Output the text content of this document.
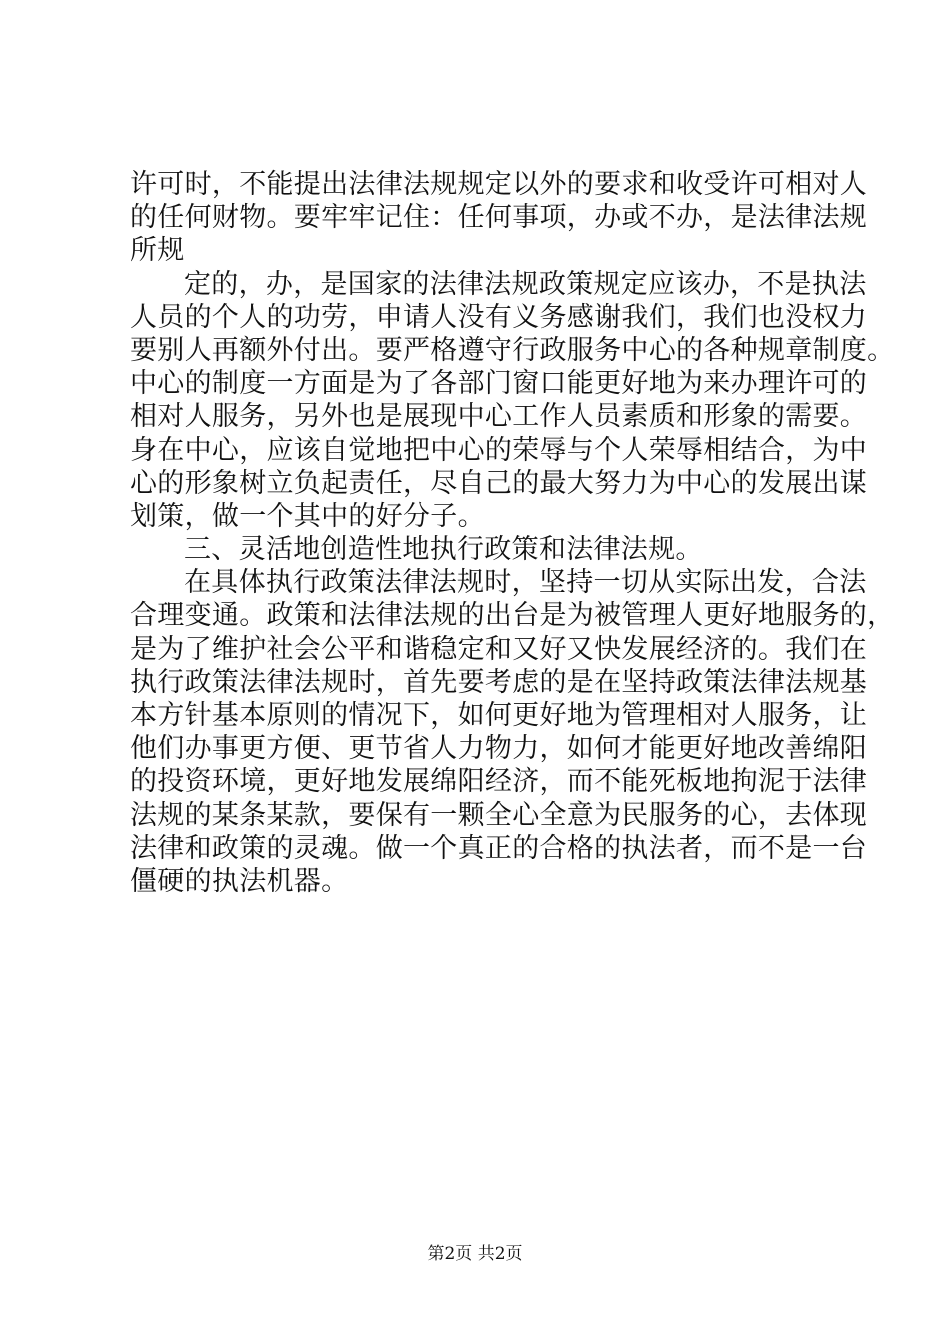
许可时，不能提出法律法规规定以外的要求和收受许可相对人
的任何财物。要牢牢记住：任何事项，办或不办，是法律法规
所规
定的，办，是国家的法律法规政策规定应该办，不是执法
人员的个人的功劳，申请人没有义务感谢我们，我们也没权力
要别人再额外付出。要严格遵守行政服务中心的各种规章制度。
中心的制度一方面是为了各部门窗口能更好地为来办理许可的
相对人服务，另外也是展现中心工作人员素质和形象的需要。
身在中心，应该自觉地把中心的荣辱与个人荣辱相结合，为中
心的形象树立负起责任，尽自己的最大努力为中心的发展出谋
划策，做一个其中的好分子。
三、灵活地创造性地执行政策和法律法规。
在具体执行政策法律法规时，坚持一切从实际出发，合法
合理变通。政策和法律法规的出台是为被管理人更好地服务的，
是为了维护社会公平和谐稳定和又好又快发展经济的。我们在
执行政策法律法规时，首先要考虑的是在坚持政策法律法规基
本方针基本原则的情况下，如何更好地为管理相对人服务，让
他们办事更方便、更节省人力物力，如何才能更好地改善绵阳
的投资环境，更好地发展绵阳经济，而不能死板地拘泥于法律
法规的某条某款，要保有一颗全心全意为民服务的心，去体现
法律和政策的灵魂。做一个真正的合格的执法者，而不是一台
僵硬的执法机器。
第2页 共2页
